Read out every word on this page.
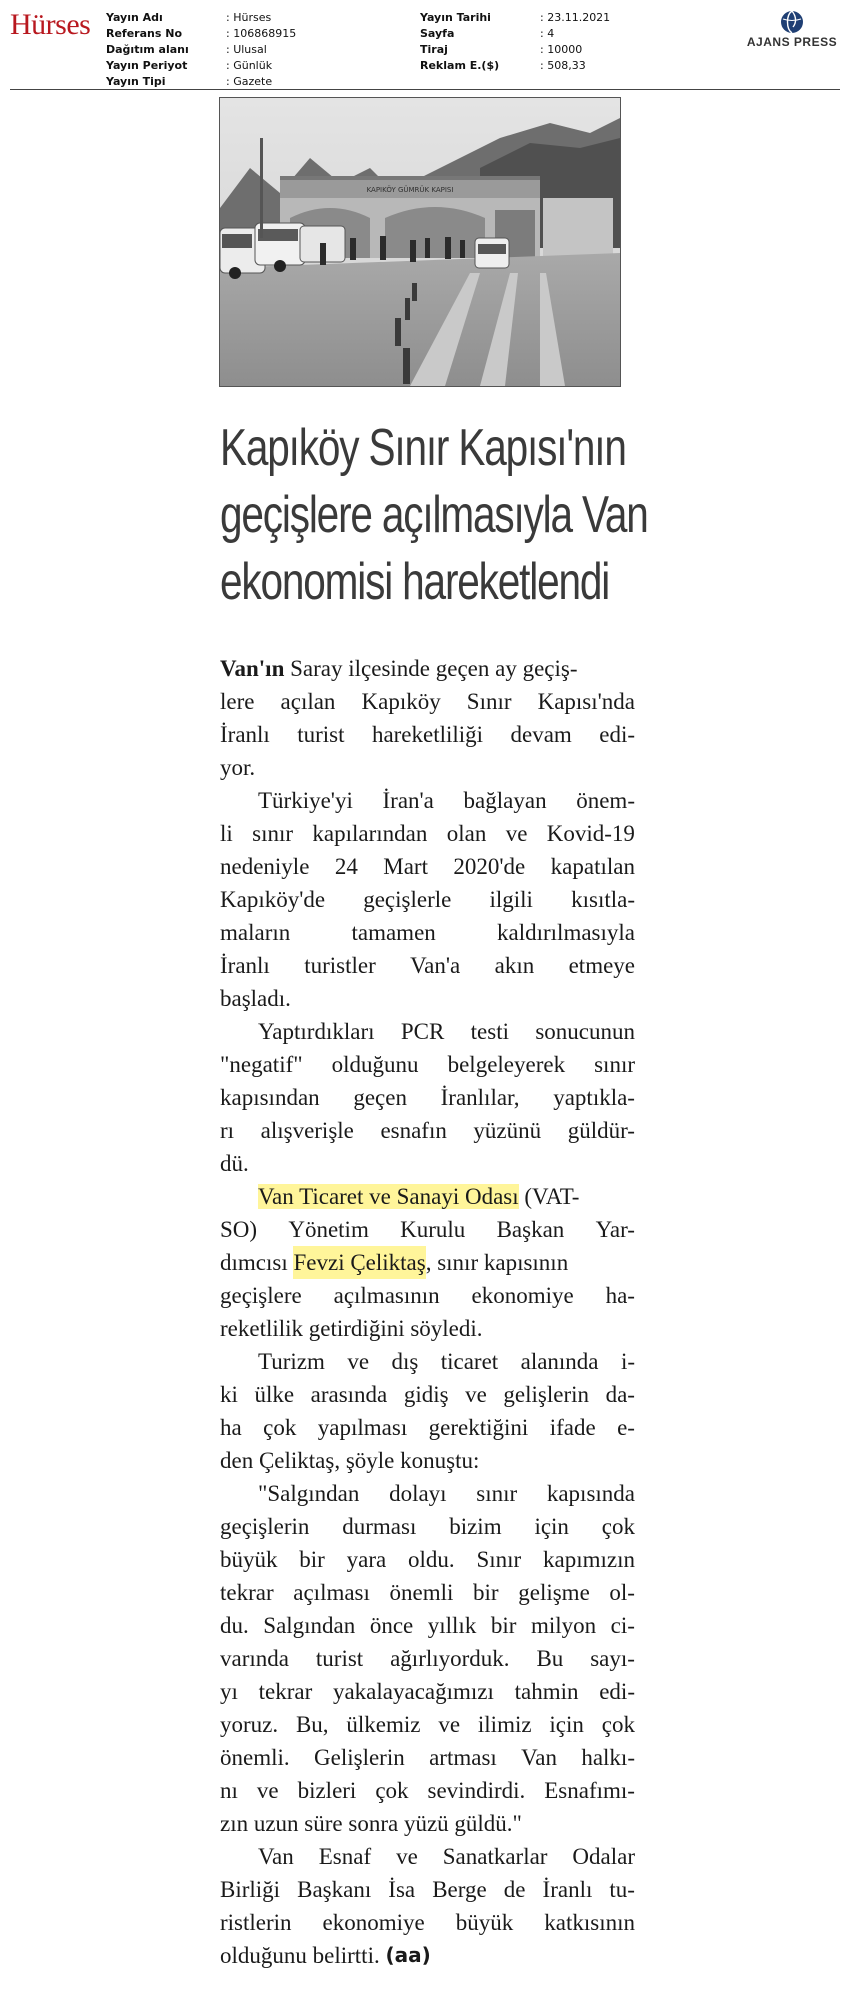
Hürses Yayın Adı	: Hürses
Referans No	: 106868915
Dağıtım alanı	: Ulusal
Yayın Periyot	: Günlük
Yayın Tipi	: Gazete
Yayın Tarihi	: 23.11.2021
Sayfa	: 4
Tiraj	: 10000
Reklam E.($)	: 508,33
AJANS PRESS
KAPIKÖY GÜMRÜK KAPISI
Kapıköy Sınır Kapısı'nın
geçişlere açılmasıyla Van
ekonomisi hareketlendi
Van'ın Saray ilçesinde geçen ay geçiş-
lere açılan Kapıköy Sınır Kapısı'nda
İranlı turist hareketliliği devam edi-
yor.
Türkiye'yi İran'a bağlayan önem-
li sınır kapılarından olan ve Kovid-19
nedeniyle 24 Mart 2020'de kapatılan
Kapıköy'de geçişlerle ilgili kısıtla-
maların	tamamen	kaldırılmasıyla
İranlı turistler Van'a akın etmeye
başladı.
Yaptırdıkları PCR testi sonucunun
"negatif" olduğunu belgeleyerek sınır
kapısından geçen İranlılar, yaptıkla-
rı alışverişle esnafın yüzünü güldür-
dü.
Van Ticaret ve Sanayi Odası (VAT-
SO) Yönetim Kurulu Başkan Yar-
dımcısı
Fevzi Çeliktaş , sınır kapısının
geçişlere açılmasının ekonomiye ha-
reketlilik getirdiğini söyledi.
Turizm ve dış ticaret alanında i-
ki ülke arasında gidiş ve gelişlerin da-
ha çok yapılması gerektiğini ifade e-
den Çeliktaş, şöyle konuştu:
"Salgından dolayı sınır kapısında
geçişlerin durması bizim için çok
büyük bir yara oldu. Sınır kapımızın
tekrar açılması önemli bir gelişme ol-
du. Salgından önce yıllık bir milyon ci-
varında turist ağırlıyorduk. Bu sayı-
yı tekrar yakalayacağımızı tahmin edi-
yoruz. Bu, ülkemiz ve ilimiz için çok
önemli. Gelişlerin artması Van halkı-
nı ve bizleri çok sevindirdi. Esnafımı-
zın uzun süre sonra yüzü güldü."
Van Esnaf ve Sanatkarlar Odalar
Birliği Başkanı İsa Berge de İranlı tu-
ristlerin ekonomiye büyük katkısının
olduğunu belirtti.
(aa)
